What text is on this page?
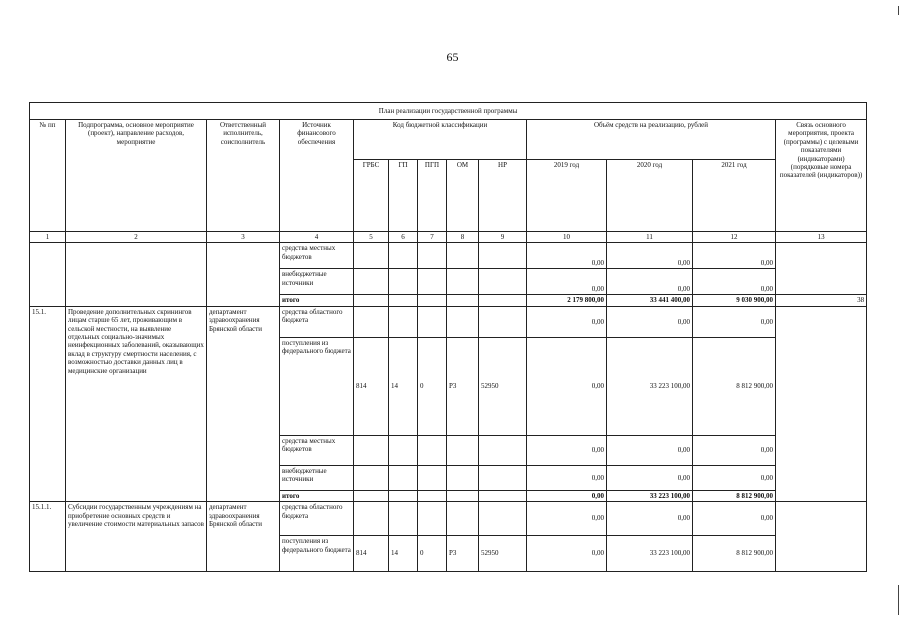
65
План реализации государственной программы												
№ пп	Подпрограмма, основное мероприятие (проект), направление расходов, мероприятие	Ответственный исполнитель, соисполнитель	Источник финансового обеспечения	Код бюджетной классификации					Объём средств на реализацию, рублей			Связь основного мероприятия, проекта (программы) с целевыми показателями (индикаторами) (порядковые номера показателей (индикаторов))
				ГРБС	ГП	ПГП	ОМ	НР	2019 год	2020 год	2021 год	
1	2	3	4	5	6	7	8	9	10	11	12	13
			средства местных бюджетов						0,00	0,00	0,00	
			внебюджетные источники						0,00	0,00	0,00	
			итого						2 179 800,00	33 441 400,00	9 030 900,00	38
15.1.	Проведение дополнительных скринингов лицам старше 65 лет, проживающим в сельской местности, на выявление отдельных социально-значимых неинфекционных заболеваний, оказывающих вклад в структуру смертности населения, с возможностью доставки данных лиц в медицинские организации	департамент здравоохранения Брянской области	средства областного бюджета						0,00	0,00	0,00	
			поступления из федерального бюджета	814	14	0	Р3	52950	0,00	33 223 100,00	8 812 900,00	
			средства местных бюджетов						0,00	0,00	0,00	
			внебюджетные источники						0,00	0,00	0,00	
			итого						0,00	33 223 100,00	8 812 900,00	
15.1.1.	Субсидии государственным учреждениям на приобретение основных средств и увеличение стоимости материальных запасов	департамент здравоохранения Брянской области	средства областного бюджета						0,00	0,00	0,00	
			поступления из федерального бюджета	814	14	0	Р3	52950	0,00	33 223 100,00	8 812 900,00	
